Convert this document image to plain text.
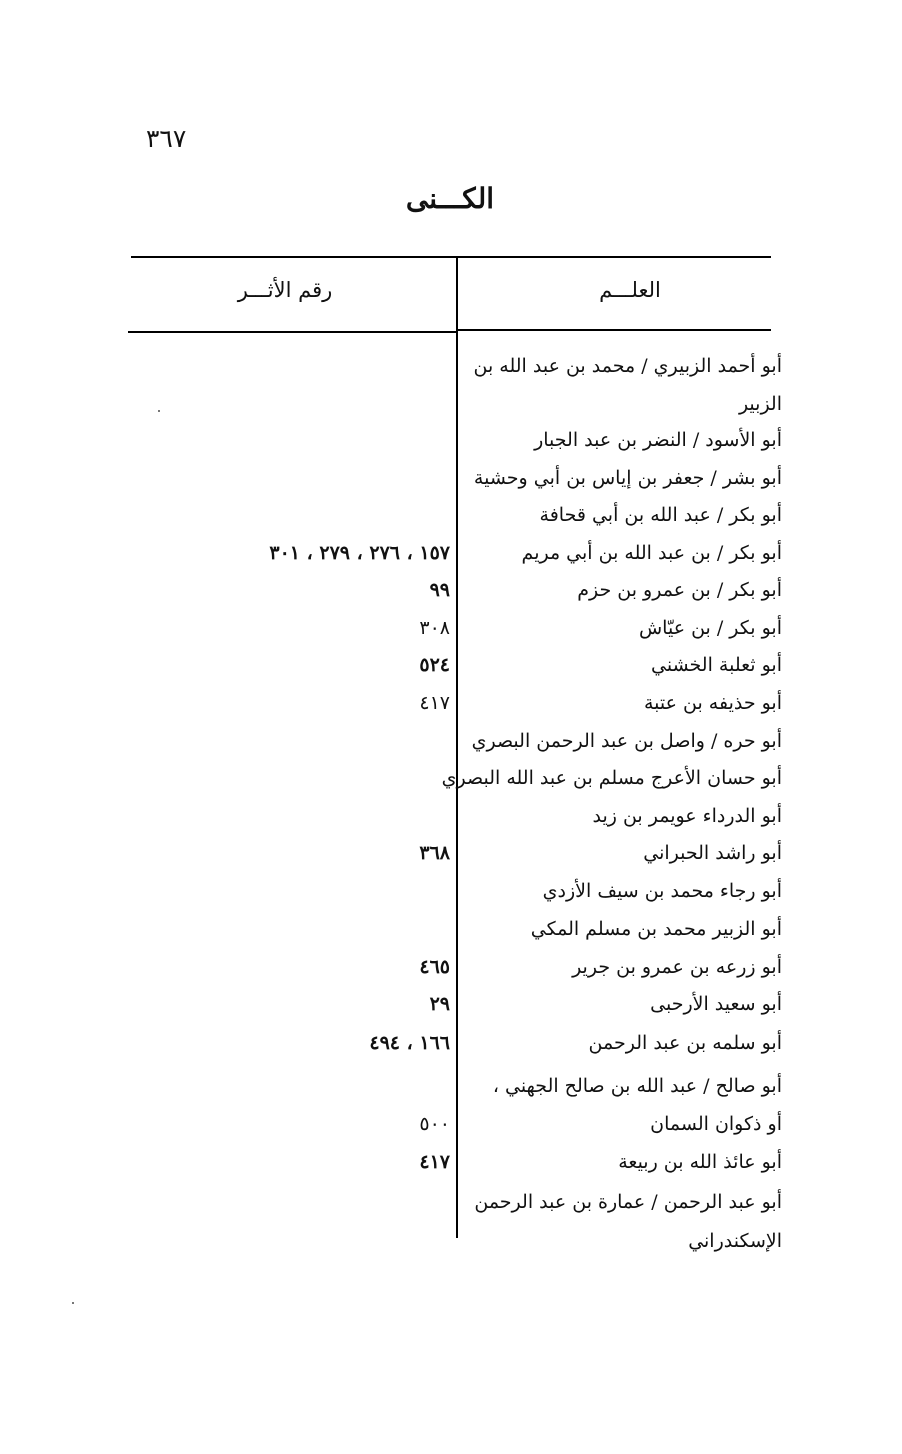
٣٦٧
الكـــنى
العلـــم
رقم الأثـــر
أبو أحمد الزبيري / محمد بن عبد الله بن
الزبير
أبو الأسود / النضر بن عبد الجبار
أبو بشر / جعفر بن إياس بن أبي وحشية
أبو بكر / عبد الله بن أبي قحافة
أبو بكر / بن عبد الله بن أبي مريم
١٥٧ ، ٢٧٦ ، ٢٧٩ ، ٣٠١
أبو بكر / بن عمرو بن حزم
٩٩
أبو بكر / بن عيّاش
٣٠٨
أبو ثعلبة الخشني
٥٢٤
أبو حذيفه بن عتبة
٤١٧
أبو حره / واصل بن عبد الرحمن البصري
أبو حسان الأعرج مسلم بن عبد الله البصري
أبو الدرداء عويمر بن زيد
أبو راشد الحبراني
٣٦٨
أبو رجاء محمد بن سيف الأزدي
أبو الزبير محمد بن مسلم المكي
أبو زرعه بن عمرو بن جرير
٤٦٥
أبو سعيد الأرحبى
٢٩
أبو سلمه بن عبد الرحمن
١٦٦ ، ٤٩٤
أبو صالح / عبد الله بن صالح الجهني ،
أو ذكوان السمان
٥٠٠
أبو عائذ الله بن ربيعة
٤١٧
أبو عبد الرحمن / عمارة بن عبد الرحمن
الإسكندراني
